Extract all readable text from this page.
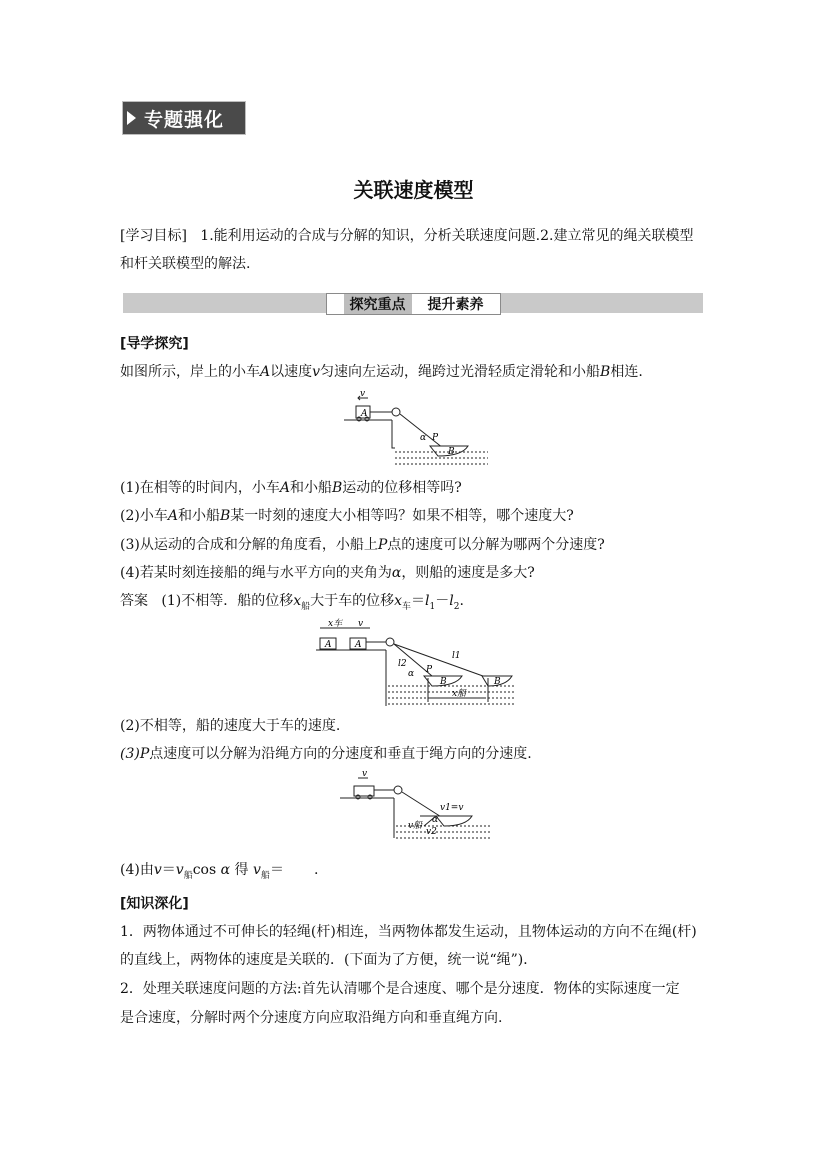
专题强化
关联速度模型
[学习目标] 1.能利用运动的合成与分解的知识，分析关联速度问题.2.建立常见的绳关联模型
和杆关联模型的解法.
探究重点	提升素养
[导学探究]
如图所示，岸上的小车A以速度v匀速向左运动，绳跨过光滑轻质定滑轮和小船B相连.
A
v
P
α
B
(1)在相等的时间内，小车A和小船B运动的位移相等吗?
(2)小车A和小船B某一时刻的速度大小相等吗？如果不相等，哪个速度大?
(3)从运动的合成和分解的角度看，小船上P点的速度可以分解为哪两个分速度?
(4)若某时刻连接船的绳与水平方向的夹角为α，则船的速度是多大?
答案 (1)不相等．船的位移$x_船$大于车的位移$x_车=l_1-l_2$.
x车 v
A	A
l1
l2
α P
B	B
x船
(2)不相等，船的速度大于车的速度.
(3)P点速度可以分解为沿绳方向的分速度和垂直于绳方向的分速度.
v
v1=v
v船
v2
α
(4)由$v=v_船\cos$ α 得 $v_船=$ .
[知识深化]
1．两物体通过不可伸长的轻绳(杆)相连，当两物体都发生运动，且物体运动的方向不在绳(杆)
的直线上，两物体的速度是关联的．(下面为了方便，统一说“绳”)．
2．处理关联速度问题的方法:首先认清哪个是合速度、哪个是分速度．物体的实际速度一定
是合速度，分解时两个分速度方向应取沿绳方向和垂直绳方向.
